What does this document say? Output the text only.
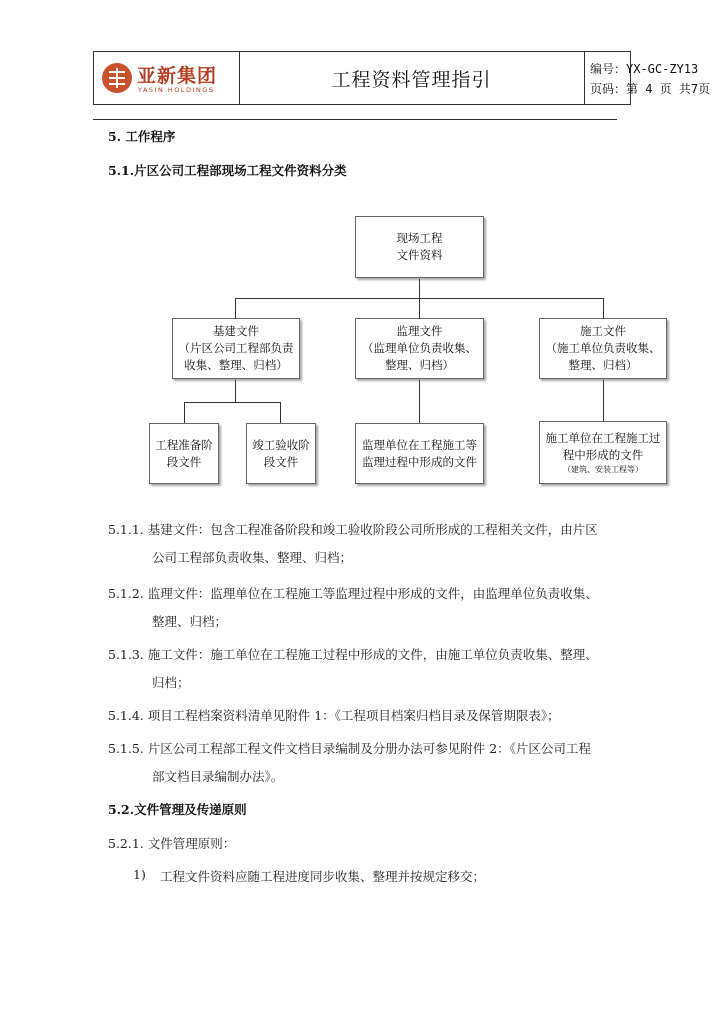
亚新集团
YASIN HOLDINGS	工程资料管理指引	编号：YX-GC-ZY13
页码：第 4 页 共7页
5. 工作程序
5.1.片区公司工程部现场工程文件资料分类
现场工程
文件资料
基建文件
（片区公司工程部负责
收集、整理、归档）
监理文件
（监理单位负责收集、
整理、归档）
施工文件
（施工单位负责收集、
整理、归档）
工程准备阶
段文件
竣工验收阶
段文件
监理单位在工程施工等
监理过程中形成的文件
施工单位在工程施工过
程中形成的文件
（建筑、安装工程等）
5.1.1. 基建文件：包含工程准备阶段和竣工验收阶段公司所形成的工程相关文件，由片区
公司工程部负责收集、整理、归档；
5.1.2. 监理文件：监理单位在工程施工等监理过程中形成的文件，由监理单位负责收集、
整理、归档；
5.1.3. 施工文件：施工单位在工程施工过程中形成的文件，由施工单位负责收集、整理、
归档；
5.1.4. 项目工程档案资料清单见附件 1：《工程项目档案归档目录及保管期限表》；
5.1.5. 片区公司工程部工程文件文档目录编制及分册办法可参见附件 2：《片区公司工程
部文档目录编制办法》。
5.2.文件管理及传递原则
5.2.1. 文件管理原则：
1) 工程文件资料应随工程进度同步收集、整理并按规定移交；
